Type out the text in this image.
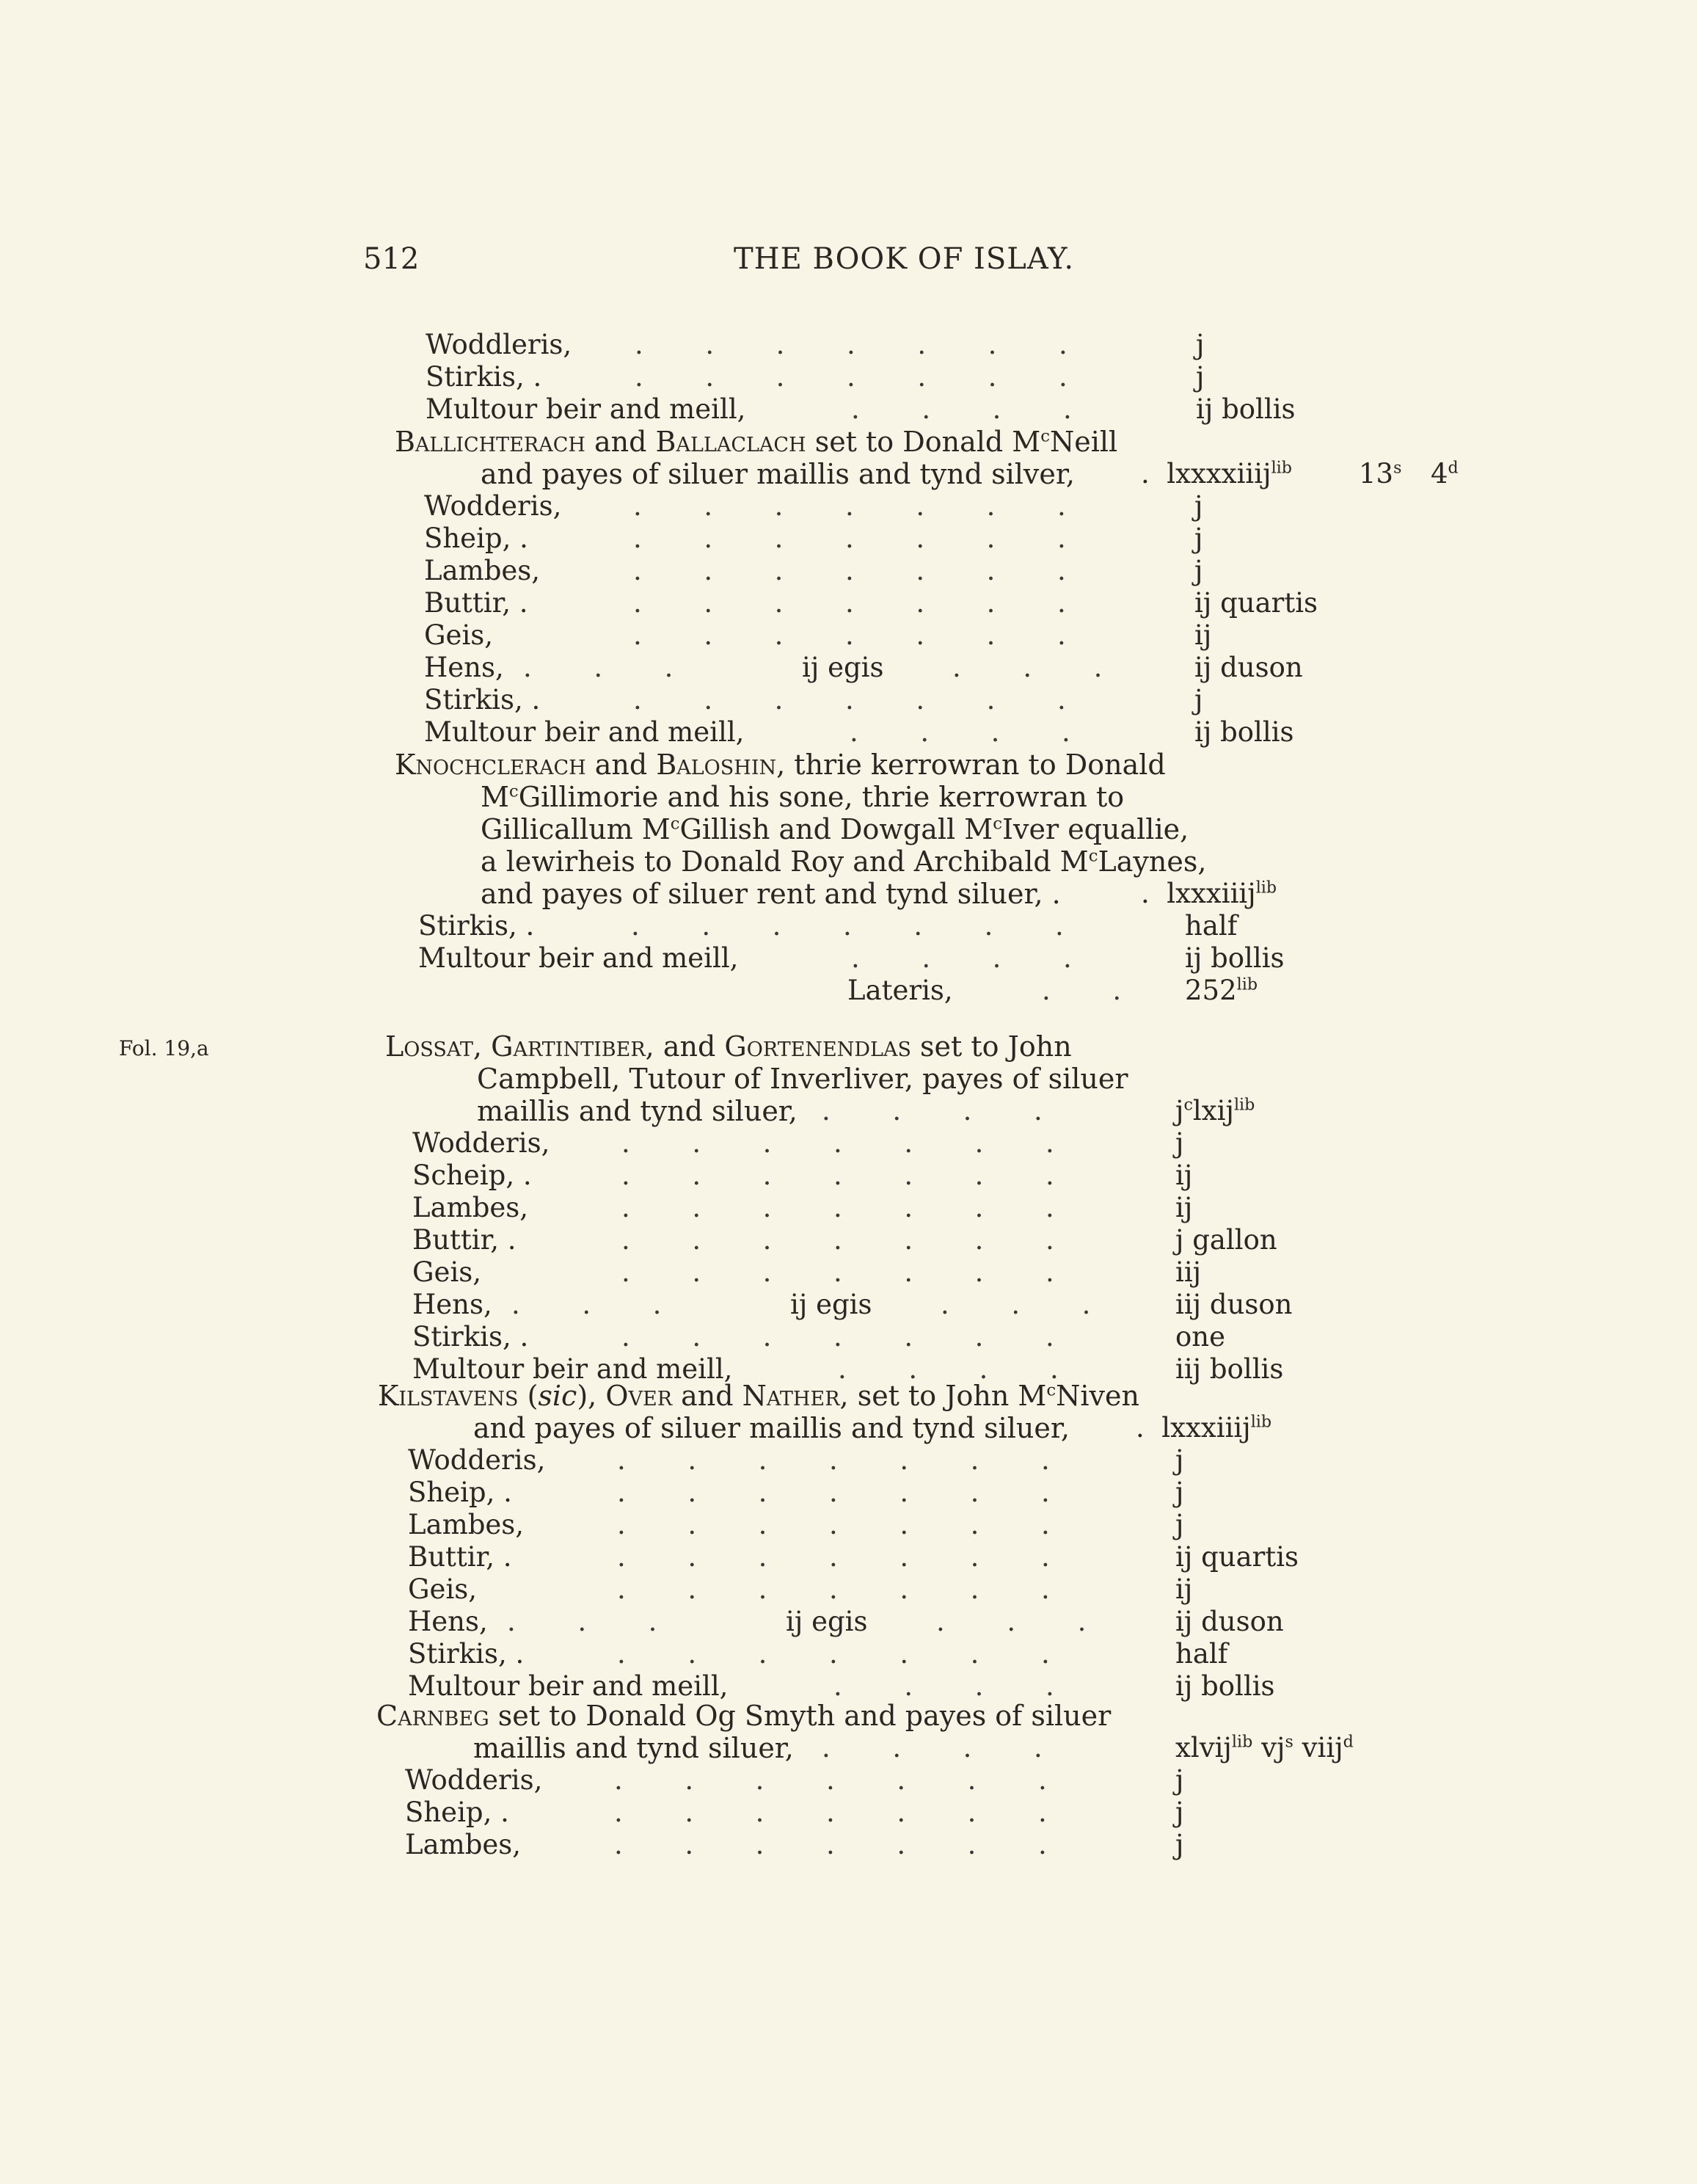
512	THE BOOK OF ISLAY.
Woddleris, .      .      .      .      .      .      .	j
Stirkis, .	.      .      .      .      .      .      .	j
Multour beir and meill,	.      .      .      .	ij bollis
Ballichterach and Ballaclach set to Donald $M^cNeill$
and payes of siluer maillis and tynd silver, .  lxxxxiiij$^{lib}$ 13$^s$ 4$^d$
Wodderis,	.      .      .      .      .      .      .	j
Sheip, .	.      .      .      .      .      .      .	j
Lambes,	.      .      .      .      .      .      .	j
Buttir, .	.      .      .      .      .      .      .	ij quartis
Geis,	.      .      .      .      .      .      .	ij
Hens, .      .      .	ij egis	.      .      .	ij duson
Stirkis, .	.      .      .      .      .      .      .	j
Multour beir and meill,	.      .      .      .	ij bollis
Knochclerach and Baloshin, thrie kerrowran to Donald
$M^cGillimorie$ and his sone, thrie kerrowran to
Gillicallum $M^cGillish$ and Dowgall $M^cIver$ equallie,
a lewirheis to Donald Roy and Archibald $M^cLaynes$,
and payes of siluer rent and tynd siluer, .	.  lxxxiiij$^{lib}$
Stirkis, .	.      .      .      .      .      .      .	half
Multour beir and meill,	.      .      .      .	ij bollis
Lateris,	.      . $252^{lib}$
Fol. 19,a	Lossat, Gartintiber, and Gortenendlas set to John
Campbell, Tutour of Inverliver, payes of siluer
maillis and tynd siluer, .      .      .      .	$j^clxij^{lib}$
Wodderis,	.      .      .      .      .      .      .	j
Scheip, .	.      .      .      .      .      .      .	ij
Lambes,	.      .      .      .      .      .      .	ij
Buttir, .	.      .      .      .      .      .      .	j gallon
Geis,	.      .      .      .      .      .      .	iij
Hens, .      .      .	ij egis	.      .      .	iij duson
Stirkis, .	.      .      .      .      .      .      .	one
Multour beir and meill,	.      .      .      .	iij bollis
Kilstavens (sic), Over and Nather, set to John $M^cNiven$
and payes of siluer maillis and tynd siluer, .  lxxxiiij$^{lib}$
Wodderis,	.      .      .      .      .      .      .	j
Sheip, .	.      .      .      .      .      .      .	j
Lambes,	.      .      .      .      .      .      .	j
Buttir, .	.      .      .      .      .      .      .	ij quartis
Geis,	.      .      .      .      .      .      .	ij
Hens, .      .      .	ij egis	.      .      .	ij duson
Stirkis, .	.      .      .      .      .      .      .	half
Multour beir and meill,	.      .      .      .	ij bollis
Carnbeg set to Donald Og Smyth and payes of siluer
maillis and tynd siluer, .      .      .      .	xlvij$^{lib}$ $vj^s$ viij$^d$
Wodderis,	.      .      .      .      .      .      .	j
Sheip, .	.      .      .      .      .      .      .	j
Lambes,	.      .      .      .      .      .      .	j
